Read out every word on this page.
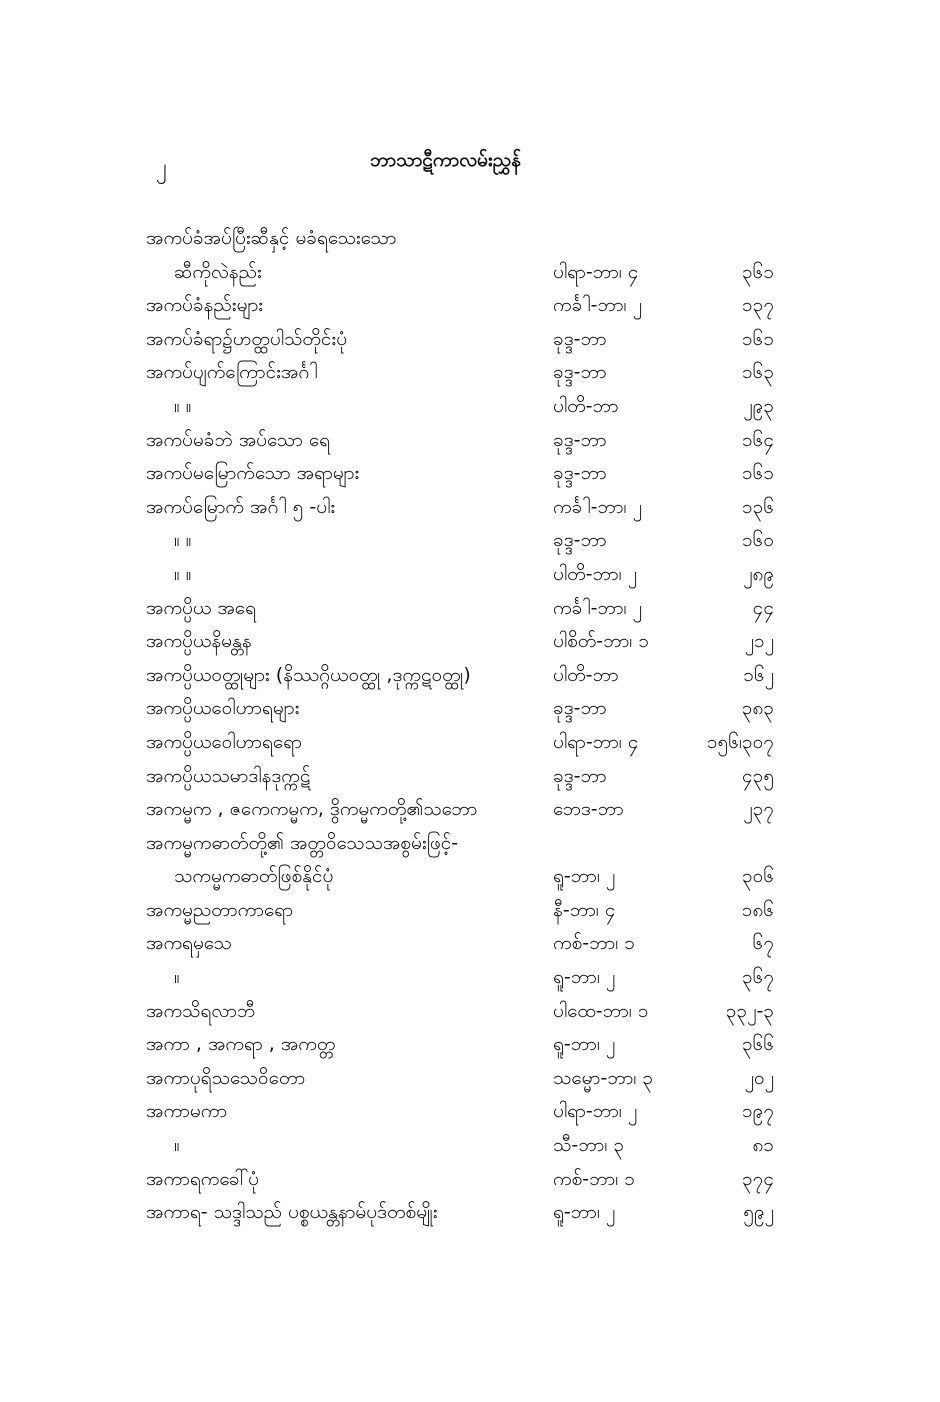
၂	ဘာသာဋီကာလမ်းညွှန်
အကပ်ခံအပ်ပြီးဆီနှင့် မခံရသေးသော
ဆီကိုလဲနည်း	ပါရာ-ဘာ၊ ၄	၃၆၁
အကပ်ခံနည်းများ	ကင်္ခါ-ဘာ၊ ၂	၁၃၇
အကပ်ခံရာ၌ဟတ္ထပါသ်တိုင်းပုံ	ခုဒ္ဒ-ဘာ	၁၆၁
အကပ်ပျက်ကြောင်းအင်္ဂါ	ခုဒ္ဒ-ဘာ	၁၆၃
။ ။	ပါတိ-ဘာ	၂၉၃
အကပ်မခံဘဲ အပ်သော ရေ	ခုဒ္ဒ-ဘာ	၁၆၄
အကပ်မမြောက်သော အရာများ	ခုဒ္ဒ-ဘာ	၁၆၁
အကပ်မြောက် အင်္ဂါ ၅ -ပါး	ကင်္ခါ-ဘာ၊ ၂	၁၃၆
။ ။	ခုဒ္ဒ-ဘာ	၁၆၀
။ ။	ပါတိ-ဘာ၊ ၂	၂၈၉
အကပ္ပိယ အရေ	ကင်္ခါ-ဘာ၊ ၂	၄၄
အကပ္ပိယနိမန္တန	ပါစိတ်-ဘာ၊ ၁	၂၁၂
အကပ္ပိယဝတ္ထုများ (နိဿဂ္ဂိယဝတ္ထု ,ဒုက္ကဋဝတ္ထု)	ပါတိ-ဘာ	၁၆၂
အကပ္ပိယဝေါဟာရများ	ခုဒ္ဒ-ဘာ	၃၈၃
အကပ္ပိယဝေါဟာရရော	ပါရာ-ဘာ၊ ၄	၁၅၆၊၃၀၇
အကပ္ပိယသမာဒါနဒုက္ကဋ်	ခုဒ္ဒ-ဘာ	၄၃၅
အကမ္မက , ဇကေကမ္မက, ဒွိကမ္မကတို့၏သဘော	ဘေဒ-ဘာ	၂၃၇
အကမ္မကဓာတ်တို့၏ အတ္တဝိသေသအစွမ်းဖြင့်-
သကမ္မကဓာတ်ဖြစ်နိုင်ပုံ	ရူ-ဘာ၊ ၂	၃၀၆
အကမ္မညတာကာရော	နီ-ဘာ၊ ၄	၁၈၆
အကရမှသေ	ကစ်-ဘာ၊ ၁	၆၇
။	ရူ-ဘာ၊ ၂	၃၆၇
အကသိရလာဘီ	ပါထေ-ဘာ၊ ၁	၃၃၂-၃
အကာ , အကရာ , အကတ္တ	ရူ-ဘာ၊ ၂	၃၆၆
အကာပုရိသသေဝိတော	သမ္မော-ဘာ၊ ၃	၂၀၂
အကာမကာ	ပါရာ-ဘာ၊ ၂	၁၉၇
။	သီ-ဘာ၊ ၃	၈၁
အကာရကခေါ်ပုံ	ကစ်-ဘာ၊ ၁	၃၇၄
အကာရ- သဒ္ဒါသည် ပစ္စယန္တနာမ်ပုဒ်တစ်မျိုး	ရူ-ဘာ၊ ၂	၅၉၂
